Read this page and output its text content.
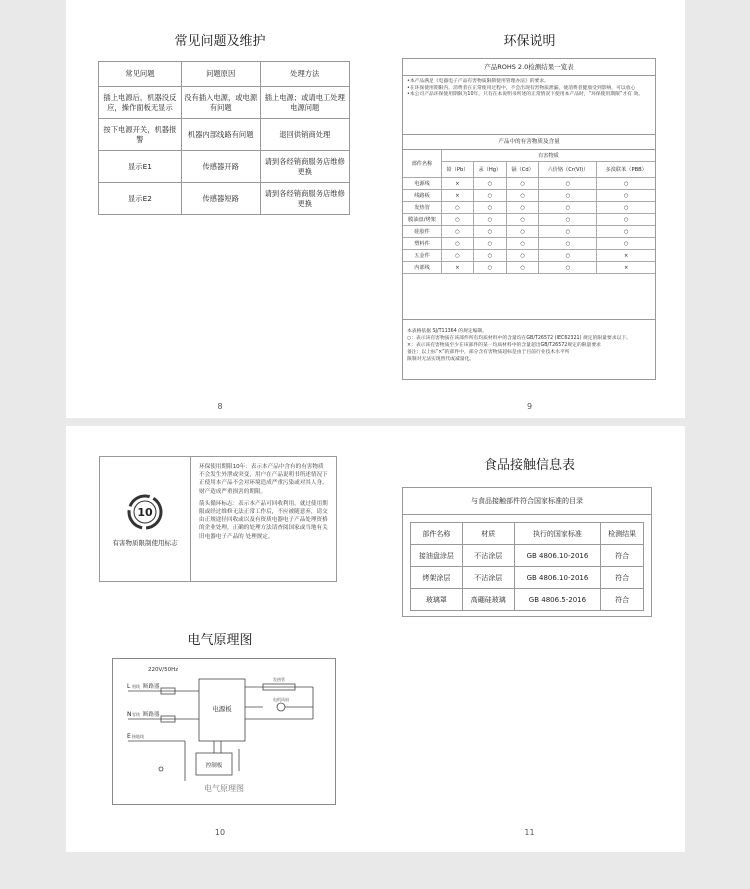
常见问题及维护
常见问题	问题原因	处理方法
插上电源后，机器没反应，操作面板无显示	没有插入电源，或电源有问题	插上电源；或请电工处理电源问题
按下电源开关，机器报警	机器内部线路有问题	退回供销商处理
显示E1	传感器开路	请到各经销商服务店维修更换
显示E2	传感器短路	请到各经销商服务店维修更换
8
环保说明
产品ROHS 2.0检测结果一览表
•本产品满足《电器电子产品有害物质限制使用管理办法》的要求。
•在环保使用期限内，消费者在正常使用过程中，不会出现有害物质泄漏，使消费者健康受到影响，可以放心
•本公司产品环保使用期限为10年，只有在本说明书所述的正常情况下使用本产品时，“环保使用期限”才有 效。
产品中的有害物质及含量
部件名称	有害物质				
	铅（Pb）	汞（Hg）	镉（Cd）	六价铬（Cr(VI)）	多溴联苯（PBB）
电源线	×	○	○	○	○
线路板	×	○	○	○	○
发热管	○	○	○	○	○
膜油盘/烤架	○	○	○	○	○
硅胶件	○	○	○	○	○
塑料件	○	○	○	○	○
五金件	○	○	○	○	×
内部线	×	○	○	○	×
本表格依据 SJ/T11364 的规定编制。
○：表示该有害物质在该部件所有均质材料中的含量均在GB/T26572 (IEC62321) 规定的限量要求以下。
×：表示该有害物质至少在该部件的某一均质材料中的含量超出GB/T26572规定的限量要求
备注：以上标“×”的部件中，部分含有害物质超标是由于目前行业技术水平所
限制对无法实现替代或减量化。
9
10
有害物质限制使用标志
环保使用期限10年：表示本产品中含有的有害物质不会发生外泄或突变，用户在产品说明书所述情况下正使用本产品不会对环境造成严重污染或对其人身、财产造成严重损害的期限。
箭头循环标志：表示本产品可回收利用。就过使用期限或经过维修无法正常工作后，不应被随意弃，请交由正规途径回收或以及有资质电器电子产品处理资格的企业处理，正确的处理方法请查阅国家或当地有关旧电器电子产品的 处理规定。
电气原理图
220V/50Hz
L 相线 断路器
N 零线 断路器
E 接地线
电源板
控制板
发热管
电机风扇
电气原理图
10
食品接触信息表
与食品接触部件符合国家标准的目录
部件名称	材质	执行的国家标准	检测结果
接油盘涂层	不沾涂层	GB 4806.10-2016	符合
烤架涂层	不沾涂层	GB 4806.10-2016	符合
玻璃罩	高硼硅玻璃	GB 4806.5-2016	符合
11
